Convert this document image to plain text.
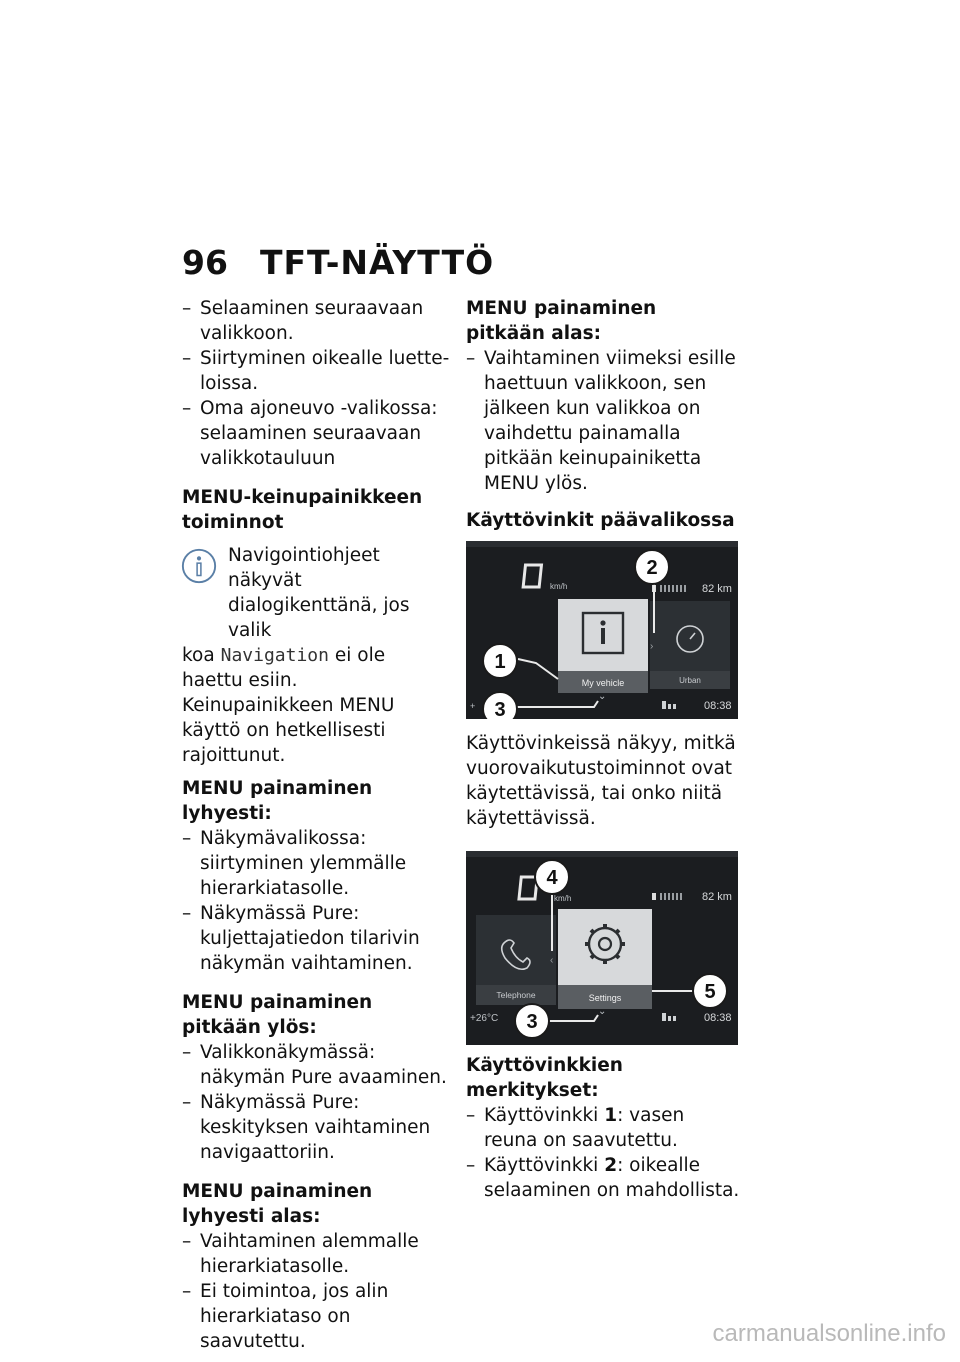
96 TFT-NÄYTTÖ

– Selaaminen seuraavaan valikkoon.

– Siirtyminen oikealle luetteloissa.

– Oma ajoneuvo -valikossa: selaaminen seuraavaan valikkotauluun

MENU-keinupainikkeen toiminnot

Navigointiohjeet näkyvät

dialogikenttänä, jos valik

koa Navigation ei ole haettu esiin. Keinupainikkeen MENU käyttö on hetkellisesti rajoittunut.

MENU painaminen lyhyesti:

– Näkymävalikossa: siirtyminen ylemmälle hierarkiatasolle.

– Näkymässä Pure: kuljettajatiedon tilarivin näkymän vaihtaminen.

MENU painaminen pitkään ylös:

– Valikkonäkymässä: näkymän Pure avaaminen.

– Näkymässä Pure: keskityksen vaihtaminen navigaattoriin.

MENU painaminen lyhyesti alas:

– Vaihtaminen alemmalle hierarkiatasolle.

– Ei toimintoa, jos alin hierarkiataso on saavutettu.

MENU painaminen pitkään alas:

– Vaihtaminen viimeksi esille haettuun valikkoon, sen jälkeen kun valikkoa on vaihdettu painamalla pitkään keinupainiketta MENU ylös.

Käyttövinkit päävalikossa

km/h	82 km
Urban
My vehicle
›
2
1
⌄
3
+	08:38

Käyttövinkeissä näkyy, mitkä vuorovaikutustoiminnot ovat käytettävissä, tai onko niitä käytettävissä.

km/h	82 km
Telephone	Settings
‹
4
⌄
3
5
+26°C	08:38

Käyttövinkkien merkitykset:

– Käyttövinkki 1: vasen reuna on saavutettu.

– Käyttövinkki 2: oikealle selaaminen on mahdollista.

carmanualsonline.info
